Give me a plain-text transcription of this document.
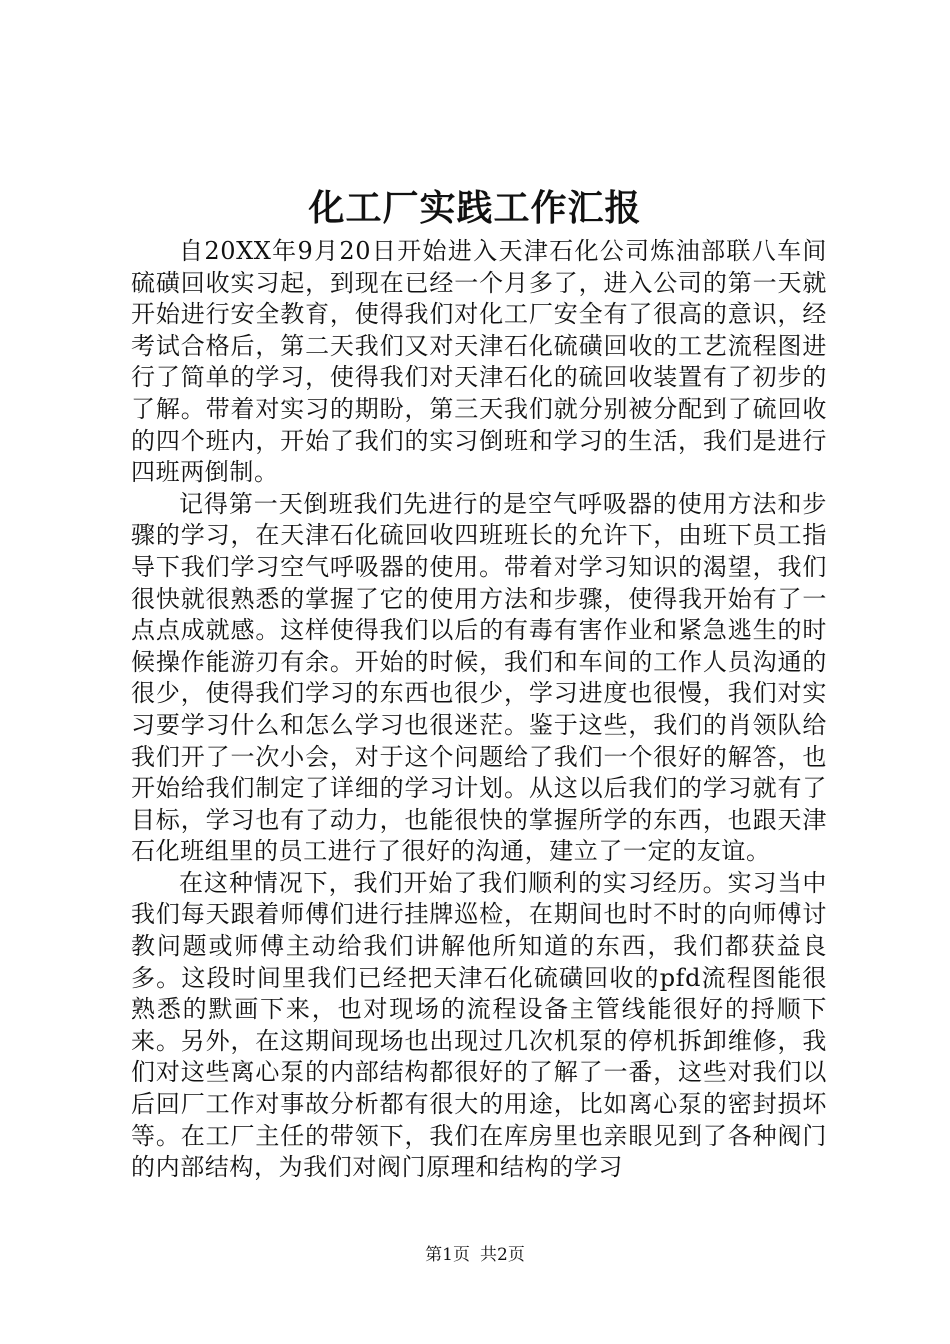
化工厂实践工作汇报

自20XX年9月20日开始进入天津石化公司炼油部联八车间硫磺回收实习起，到现在已经一个月多了，进入公司的第一天就开始进行安全教育，使得我们对化工厂安全有了很高的意识，经考试合格后，第二天我们又对天津石化硫磺回收的工艺流程图进行了简单的学习，使得我们对天津石化的硫回收装置有了初步的了解。带着对实习的期盼，第三天我们就分别被分配到了硫回收的四个班内，开始了我们的实习倒班和学习的生活，我们是进行四班两倒制。

记得第一天倒班我们先进行的是空气呼吸器的使用方法和步骤的学习，在天津石化硫回收四班班长的允许下，由班下员工指导下我们学习空气呼吸器的使用。带着对学习知识的渴望，我们很快就很熟悉的掌握了它的使用方法和步骤，使得我开始有了一点点成就感。这样使得我们以后的有毒有害作业和紧急逃生的时候操作能游刃有余。开始的时候，我们和车间的工作人员沟通的很少，使得我们学习的东西也很少，学习进度也很慢，我们对实习要学习什么和怎么学习也很迷茫。鉴于这些，我们的肖领队给我们开了一次小会，对于这个问题给了我们一个很好的解答，也开始给我们制定了详细的学习计划。从这以后我们的学习就有了目标，学习也有了动力，也能很快的掌握所学的东西，也跟天津石化班组里的员工进行了很好的沟通，建立了一定的友谊。

在这种情况下，我们开始了我们顺利的实习经历。实习当中我们每天跟着师傅们进行挂牌巡检，在期间也时不时的向师傅讨教问题或师傅主动给我们讲解他所知道的东西，我们都获益良多。这段时间里我们已经把天津石化硫磺回收的pfd流程图能很熟悉的默画下来，也对现场的流程设备主管线能很好的捋顺下来。另外，在这期间现场也出现过几次机泵的停机拆卸维修，我们对这些离心泵的内部结构都很好的了解了一番，这些对我们以后回厂工作对事故分析都有很大的用途，比如离心泵的密封损坏等。在工厂主任的带领下，我们在库房里也亲眼见到了各种阀门的内部结构，为我们对阀门原理和结构的学习

第1页 共2页
